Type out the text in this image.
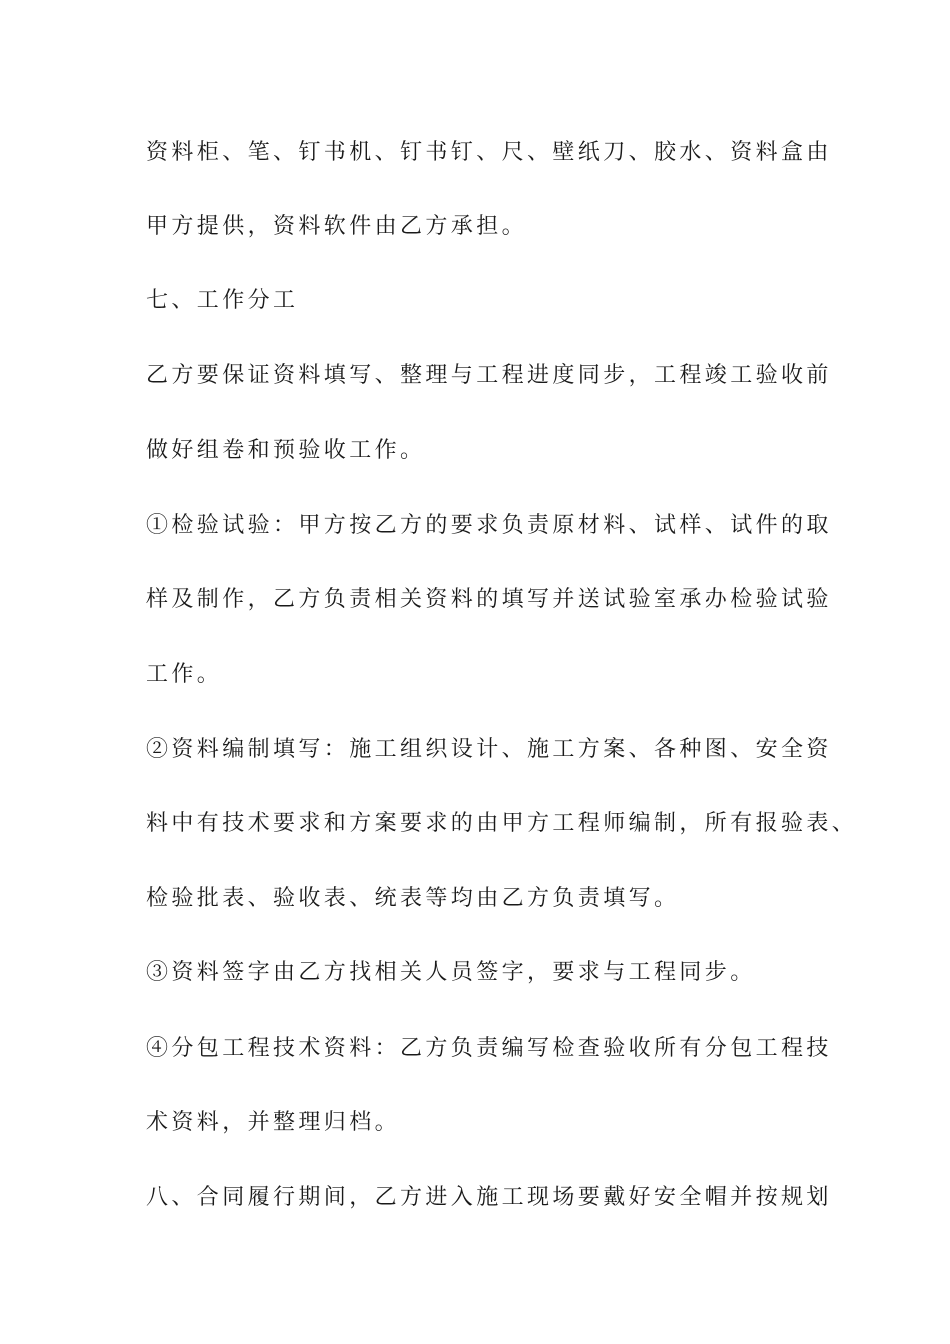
资料柜、笔、钉书机、钉书钉、尺、壁纸刀、胶水、资料盒由
甲方提供，资料软件由乙方承担。
七、工作分工
乙方要保证资料填写、整理与工程进度同步，工程竣工验收前
做好组卷和预验收工作。
①检验试验：甲方按乙方的要求负责原材料、试样、试件的取
样及制作，乙方负责相关资料的填写并送试验室承办检验试验
工作。
②资料编制填写：施工组织设计、施工方案、各种图、安全资
料中有技术要求和方案要求的由甲方工程师编制，所有报验表、
检验批表、验收表、统表等均由乙方负责填写。
③资料签字由乙方找相关人员签字，要求与工程同步。
④分包工程技术资料：乙方负责编写检查验收所有分包工程技
术资料，并整理归档。
八、合同履行期间，乙方进入施工现场要戴好安全帽并按规划
